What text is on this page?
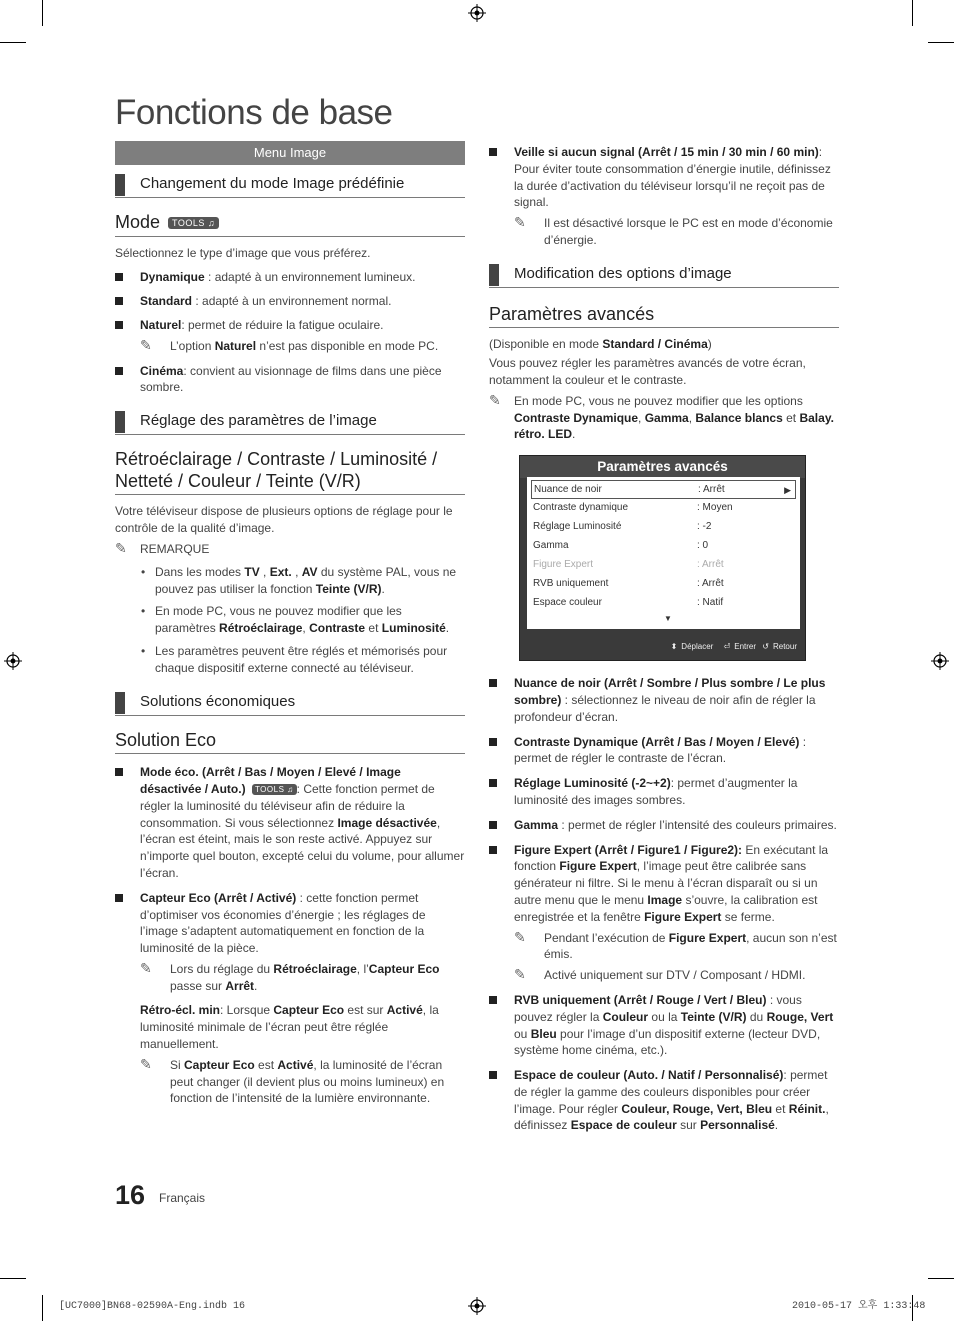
Fonctions de base
Menu Image
Changement du mode Image prédéfinie
Mode TOOLS ♫
Sélectionnez le type d’image que vous préférez.
Dynamique : adapté à un environnement lumineux.
Standard : adapté à un environnement normal.
Naturel: permet de réduire la fatigue oculaire.
✎ L’option Naturel n’est pas disponible en mode PC.
Cinéma: convient au visionnage de films dans une pièce sombre.
Réglage des paramètres de l’image
Rétroéclairage / Contraste / Luminosité / Netteté / Couleur / Teinte (V/R)
Votre téléviseur dispose de plusieurs options de réglage pour le contrôle de la qualité d’image.
✎ REMARQUE
• Dans les modes TV , Ext. , AV du système PAL, vous ne pouvez pas utiliser la fonction Teinte (V/R).
• En mode PC, vous ne pouvez modifier que les paramètres Rétroéclairage, Contraste et Luminosité.
• Les paramètres peuvent être réglés et mémorisés pour chaque dispositif externe connecté au téléviseur.
Solutions économiques
Solution Eco
Mode éco. (Arrêt / Bas / Moyen / Elevé / Image désactivée / Auto.) TOOLS ♫ : Cette fonction permet de régler la luminosité du téléviseur afin de réduire la consommation. Si vous sélectionnez Image désactivée, l’écran est éteint, mais le son reste activé. Appuyez sur n’importe quel bouton, excepté celui du volume, pour allumer l’écran.
Capteur Eco (Arrêt / Activé) : cette fonction permet d’optimiser vos économies d’énergie ; les réglages de l’image s’adaptent automatiquement en fonction de la luminosité de la pièce.
✎ Lors du réglage du Rétroéclairage, l’Capteur Eco passe sur Arrêt.
Rétro-écl. min: Lorsque Capteur Eco est sur Activé, la luminosité minimale de l’écran peut être réglée manuellement.
✎ Si Capteur Eco est Activé, la luminosité de l’écran peut changer (il devient plus ou moins lumineux) en fonction de l’intensité de la lumière environnante.
Veille si aucun signal (Arrêt / 15 min / 30 min / 60 min): Pour éviter toute consommation d’énergie inutile, définissez la durée d’activation du téléviseur lorsqu’il ne reçoit pas de signal.
✎ Il est désactivé lorsque le PC est en mode d’économie d’énergie.
Modification des options d’image
Paramètres avancés
(Disponible en mode Standard / Cinéma)
Vous pouvez régler les paramètres avancés de votre écran, notamment la couleur et le contraste.
✎ En mode PC, vous ne pouvez modifier que les options Contraste Dynamique, Gamma, Balance blancs et Balay. rétro. LED.
Paramètres avancés
Nuance de noir	: Arrêt	▶
Contraste dynamique	: Moyen
Réglage Luminosité	: -2
Gamma	: 0
Figure Expert	: Arrêt
RVB uniquement	: Arrêt
Espace couleur	: Natif
▼
⬍ Déplacer ⏎ Entrer ↺ Retour
Nuance de noir (Arrêt / Sombre / Plus sombre / Le plus sombre) : sélectionnez le niveau de noir afin de régler la profondeur d’écran.
Contraste Dynamique (Arrêt / Bas / Moyen / Elevé) : permet de régler le contraste de l’écran.
Réglage Luminosité (-2~+2): permet d’augmenter la luminosité des images sombres.
Gamma : permet de régler l’intensité des couleurs primaires.
Figure Expert (Arrêt / Figure1 / Figure2): En exécutant la fonction Figure Expert, l’image peut être calibrée sans générateur ni filtre. Si le menu à l’écran disparaît ou si un autre menu que le menu Image s’ouvre, la calibration est enregistrée et la fenêtre Figure Expert se ferme.
✎ Pendant l’exécution de Figure Expert, aucun son n’est émis.
✎ Activé uniquement sur DTV / Composant / HDMI.
RVB uniquement (Arrêt / Rouge / Vert / Bleu) : vous pouvez régler la Couleur ou la Teinte (V/R) du Rouge, Vert ou Bleu pour l’image d’un dispositif externe (lecteur DVD, système home cinéma, etc.).
Espace de couleur (Auto. / Natif / Personnalisé): permet de régler la gamme des couleurs disponibles pour créer l’image. Pour régler Couleur, Rouge, Vert, Bleu et Réinit., définissez Espace de couleur sur Personnalisé.
16 Français
[UC7000]BN68-02590A-Eng.indb 16	2010-05-17 오후 1:33:48
